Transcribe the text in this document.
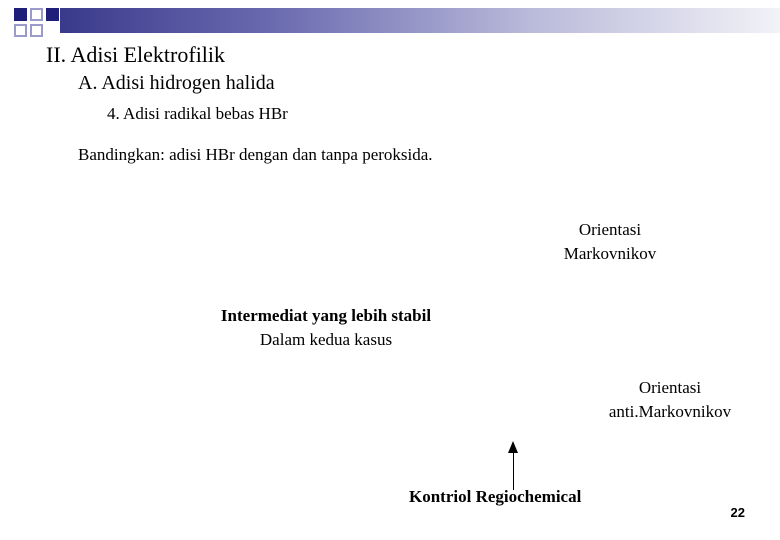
II. Adisi Elektrofilik
A. Adisi hidrogen halida
4. Adisi radikal bebas HBr
Bandingkan: adisi HBr dengan dan tanpa peroksida.
Orientasi
Markovnikov
Intermediat yang lebih stabil
Dalam kedua kasus
Orientasi
anti.Markovnikov
Kontriol Regiochemical
22
